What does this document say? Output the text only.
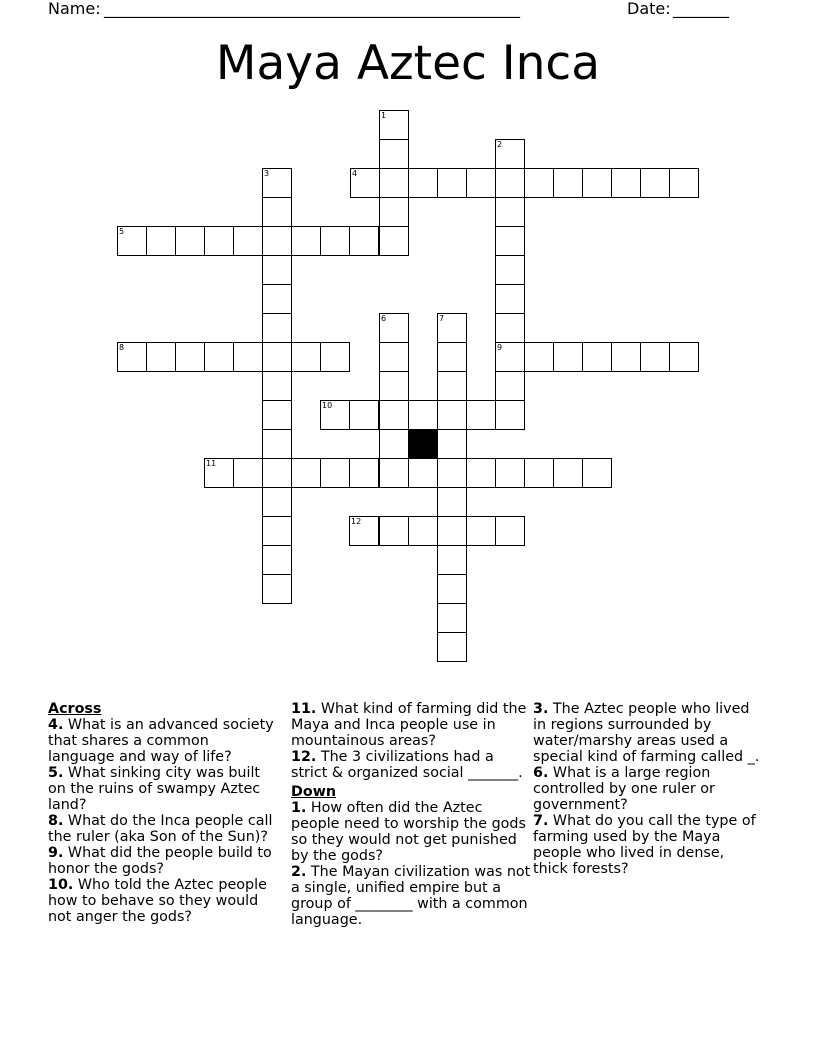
Name: ____________________________________________________	Date: _______
Maya Aztec Inca
1
2
3	4
5
6	7
8	9
10
11
12
Across
4. What is an advanced society that shares a common language and way of life?
5. What sinking city was built on the ruins of swampy Aztec land?
8. What do the Inca people call the ruler (aka Son of the Sun)?
9. What did the people build to honor the gods?
10. Who told the Aztec people how to behave so they would not anger the gods?
11. What kind of farming did the Maya and Inca people use in mountainous areas?
12. The 3 civilizations had a strict & organized social _______.
Down
1. How often did the Aztec people need to worship the gods so they would not get punished by the gods?
2. The Mayan civilization was not a single, unified empire but a group of ________ with a common language.
3. The Aztec people who lived in regions surrounded by water/marshy areas used a special kind of farming called _.
6. What is a large region controlled by one ruler or government?
7. What do you call the type of farming used by the Maya people who lived in dense, thick forests?
